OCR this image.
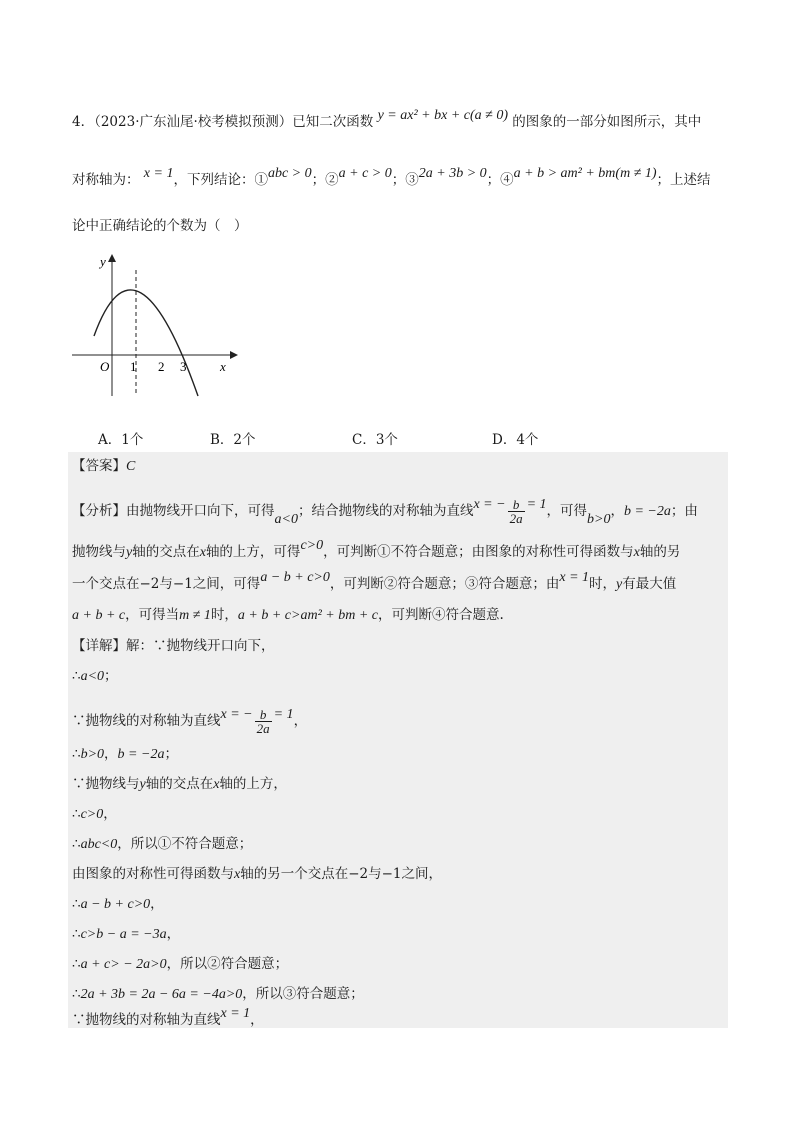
4．（2023·广东汕尾·校考模拟预测）已知二次函数 y = ax² + bx + c(a ≠ 0) 的图象的一部分如图所示，其中
对称轴为： x = 1，下列结论：①abc > 0；②a + c > 0；③2a + 3b > 0；④a + b > am² + bm(m ≠ 1)；上述结
论中正确结论的个数为（　）
y
x
O 1 2 3
A．1个	B．2个	C．3个	D．4个
【答案】C
【分析】由抛物线开口向下，可得a<0；结合抛物线的对称轴为直线x = − $\frac{b}{2a} = 1$，可得b>0，b = −2a；由
抛物线与y轴的交点在x轴的上方，可得c>0，可判断①不符合题意；由图象的对称性可得函数与x轴的另
一个交点在−2与−1之间，可得a − b + c>0，可判断②符合题意；③符合题意；由x = 1时，y有最大值
a + b + c，可得当m ≠ 1时，a + b + c>am² + bm + c，可判断④符合题意.
【详解】解：∵抛物线开口向下，
∴a<0；
∵抛物线的对称轴为直线x = − $\frac{b}{2a} = 1$，
∴b>0，b = −2a；
∵抛物线与y轴的交点在x轴的上方，
∴c>0，
∴abc<0，所以①不符合题意；
由图象的对称性可得函数与x轴的另一个交点在−2与−1之间，
∴a − b + c>0，
∴c>b − a = −3a，
∴a + c> − 2a>0，所以②符合题意；
∴2a + 3b = 2a − 6a = −4a>0，所以③符合题意；
∵抛物线的对称轴为直线x = 1，
